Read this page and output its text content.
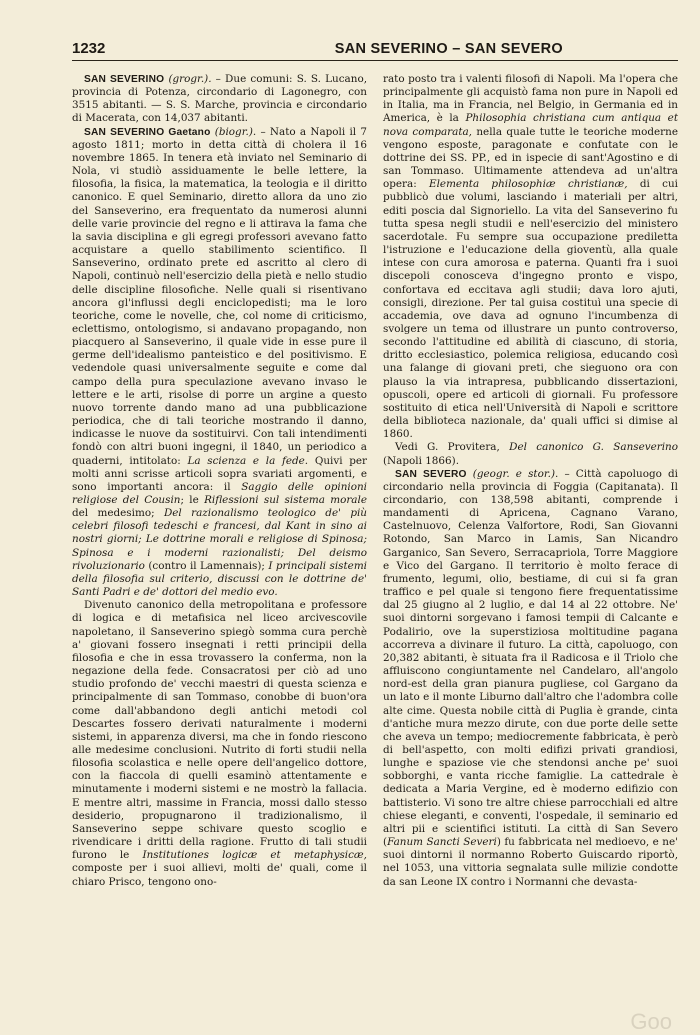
1232	SAN SEVERINO – SAN SEVERO

SAN SEVERINO (grogr.). – Due comuni: S. S. Lucano, provincia di Potenza, circondario di Lagonegro, con 3515 abitanti. — S. S. Marche, provincia e circondario di Macerata, con 14,037 abitanti.

SAN SEVERINO Gaetano (biogr.). – Nato a Napoli il 7 agosto 1811; morto in detta città di cholera il 16 novembre 1865. In tenera età inviato nel Seminario di Nola, vi studiò assiduamente le belle lettere, la filosofia, la fisica, la matematica, la teologia e il diritto canonico. E quel Seminario, diretto allora da uno zio del Sanseverino, era frequentato da numerosi alunni delle varie provincie del regno e li attirava la fama che la savia disciplina e gli egregi professori avevano fatto acquistare a quello stabilimento scientifico. Il Sanseverino, ordinato prete ed ascritto al clero di Napoli, continuò nell'esercizio della pietà e nello studio delle discipline filosofiche. Nelle quali si risentivano ancora gl'influssi degli enciclopedisti; ma le loro teoriche, come le novelle, che, col nome di criticismo, eclettismo, ontologismo, si andavano propagando, non piacquero al Sanseverino, il quale vide in esse pure il germe dell'idealismo panteistico e del positivismo. E vedendole quasi universalmente seguite e come dal campo della pura speculazione avevano invaso le lettere e le arti, risolse di porre un argine a questo nuovo torrente dando mano ad una pubblicazione periodica, che di tali teoriche mostrando il danno, indicasse le nuove da sostituirvi. Con tali intendimenti fondò con altri buoni ingegni, il 1840, un periodico a quaderni, intitolato: La scienza e la fede. Quivi per molti anni scrisse articoli sopra svariati argomenti, e sono importanti ancora: il Saggio delle opinioni religiose del Cousin; le Riflessioni sul sistema morale del medesimo; Del razionalismo teologico de' più celebri filosofi tedeschi e francesi, dal Kant in sino ai nostri giorni; Le dottrine morali e religiose di Spinosa; Spinosa e i moderni razionalisti; Del deismo rivoluzionario (contro il Lamennais); I principali sistemi della filosofia sul criterio, discussi con le dottrine de' Santi Padri e de' dottori del medio evo.

Divenuto canonico della metropolitana e professore di logica e di metafisica nel liceo arcivescovile napoletano, il Sanseverino spiegò somma cura perchè a' giovani fossero insegnati i retti principii della filosofia e che in essa trovassero la conferma, non la negazione della fede. Consacratosi per ciò ad uno studio profondo de' vecchi maestri di questa scienza e principalmente di san Tommaso, conobbe di buon'ora come dall'abbandono degli antichi metodi col Descartes fossero derivati naturalmente i moderni sistemi, in apparenza diversi, ma che in fondo riescono alle medesime conclusioni. Nutrito di forti studii nella filosofia scolastica e nelle opere dell'angelico dottore, con la fiaccola di quelli esaminò attentamente e minutamente i moderni sistemi e ne mostrò la fallacia. E mentre altri, massime in Francia, mossi dallo stesso desiderio, propugnarono il tradizionalismo, il Sanseverino seppe schivare questo scoglio e rivendicare i dritti della ragione. Frutto di tali studii furono le Institutiones logicæ et metaphysicæ, composte per i suoi allievi, molti de' quali, come il chiaro Prisco, tengono ono-

rato posto tra i valenti filosofi di Napoli. Ma l'opera che principalmente gli acquistò fama non pure in Napoli ed in Italia, ma in Francia, nel Belgio, in Germania ed in America, è la Philosophia christiana cum antiqua et nova comparata, nella quale tutte le teoriche moderne vengono esposte, paragonate e confutate con le dottrine dei SS. PP., ed in ispecie di sant'Agostino e di san Tommaso. Ultimamente attendeva ad un'altra opera: Elementa philosophiæ christianæ, di cui pubblicò due volumi, lasciando i materiali per altri, editi poscia dal Signoriello. La vita del Sanseverino fu tutta spesa negli studii e nell'esercizio del ministero sacerdotale. Fu sempre sua occupazione prediletta l'istruzione e l'educazione della gioventù, alla quale intese con cura amorosa e paterna. Quanti fra i suoi discepoli conosceva d'ingegno pronto e vispo, confortava ed eccitava agli studii; dava loro ajuti, consigli, direzione. Per tal guisa costituì una specie di accademia, ove dava ad ognuno l'incumbenza di svolgere un tema od illustrare un punto controverso, secondo l'attitudine ed abilità di ciascuno, di storia, dritto ecclesiastico, polemica religiosa, educando così una falange di giovani preti, che sieguono ora con plauso la via intrapresa, pubblicando dissertazioni, opuscoli, opere ed articoli di giornali. Fu professore sostituito di etica nell'Università di Napoli e scrittore della biblioteca nazionale, da' quali uffici si dimise al 1860.

Vedi G. Provitera, Del canonico G. Sanseverino (Napoli 1866).

SAN SEVERO (geogr. e stor.). – Città capoluogo di circondario nella provincia di Foggia (Capitanata). Il circondario, con 138,598 abitanti, comprende i mandamenti di Apricena, Cagnano Varano, Castelnuovo, Celenza Valfortore, Rodi, San Giovanni Rotondo, San Marco in Lamis, San Nicandro Garganico, San Severo, Serracapriola, Torre Maggiore e Vico del Gargano. Il territorio è molto ferace di frumento, legumi, olio, bestiame, di cui si fa gran traffico e pel quale si tengono fiere frequentatissime dal 25 giugno al 2 luglio, e dal 14 al 22 ottobre. Ne' suoi dintorni sorgevano i famosi tempii di Calcante e Podalirio, ove la superstiziosa moltitudine pagana accorreva a divinare il futuro. La città, capoluogo, con 20,382 abitanti, è situata fra il Radicosa e il Triolo che affluiscono congiuntamente nel Candelaro, all'angolo nord-est della gran pianura pugliese, col Gargano da un lato e il monte Liburno dall'altro che l'adombra colle alte cime. Questa nobile città di Puglia è grande, cinta d'antiche mura mezzo dirute, con due porte delle sette che aveva un tempo; mediocremente fabbricata, è però di bell'aspetto, con molti edifizi privati grandiosi, lunghe e spaziose vie che stendonsi anche pe' suoi sobborghi, e vanta ricche famiglie. La cattedrale è dedicata a Maria Vergine, ed è moderno edifizio con battisterio. Vi sono tre altre chiese parrocchiali ed altre chiese eleganti, e conventi, l'ospedale, il seminario ed altri pii e scientifici istituti. La città di San Severo (Fanum Sancti Severi) fu fabbricata nel medioevo, e ne' suoi dintorni il normanno Roberto Guiscardo riportò, nel 1053, una vittoria segnalata sulle milizie condotte da san Leone IX contro i Normanni che devasta-

Goo
